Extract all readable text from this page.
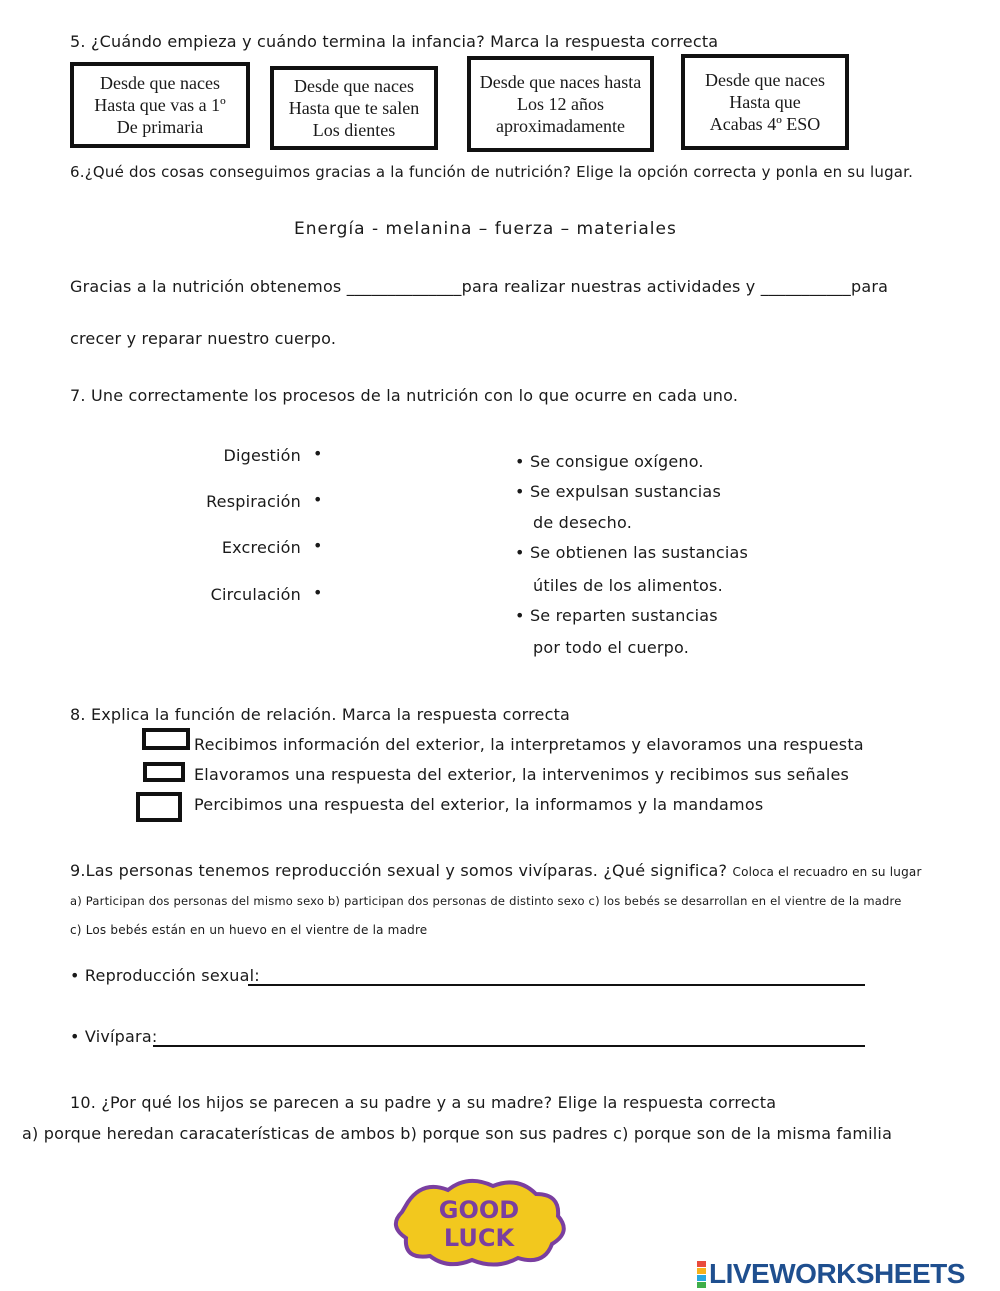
5. ¿Cuándo empieza y cuándo termina la infancia? Marca la respuesta correcta
Desde que naces
Hasta que vas a 1º
De primaria
Desde que naces
Hasta que te salen
Los dientes
Desde que naces hasta
Los 12 años
aproximadamente
Desde que naces
Hasta que
Acabas 4º ESO
6.¿Qué dos cosas conseguimos gracias a la función de nutrición? Elige la opción correcta y ponla en su lugar.
Energía - melanina – fuerza – materiales
Gracias a la nutrición obtenemos ______________para realizar nuestras actividades y ___________para
crecer y reparar nuestro cuerpo.
7. Une correctamente los procesos de la nutrición con lo que ocurre en cada uno.
Digestión
Respiración
Excreción
Circulación
•
•
•
•
• Se consigue oxígeno.
• Se expulsan sustancias
de desecho.
• Se obtienen las sustancias
útiles de los alimentos.
• Se reparten sustancias
por todo el cuerpo.
8. Explica la función de relación. Marca la respuesta correcta
Recibimos información del exterior, la interpretamos y elavoramos una respuesta
Elavoramos una respuesta del exterior, la intervenimos y recibimos sus señales
Percibimos una respuesta del exterior, la informamos y la mandamos
9.Las personas tenemos reproducción sexual y somos vivíparas. ¿Qué significa? Coloca el recuadro en su lugar
a) Participan dos personas del mismo sexo b) participan dos personas de distinto sexo c) los bebés se desarrollan en el vientre de la madre
c) Los bebés están en un huevo en el vientre de la madre
• Reproducción sexual:
• Vivípara:
10. ¿Por qué los hijos se parecen a su padre y a su madre? Elige la respuesta correcta
a) porque heredan caracaterísticas de ambos b) porque son sus padres c) porque son de la misma familia
GOOD
LUCK
LIVEWORKSHEETS
